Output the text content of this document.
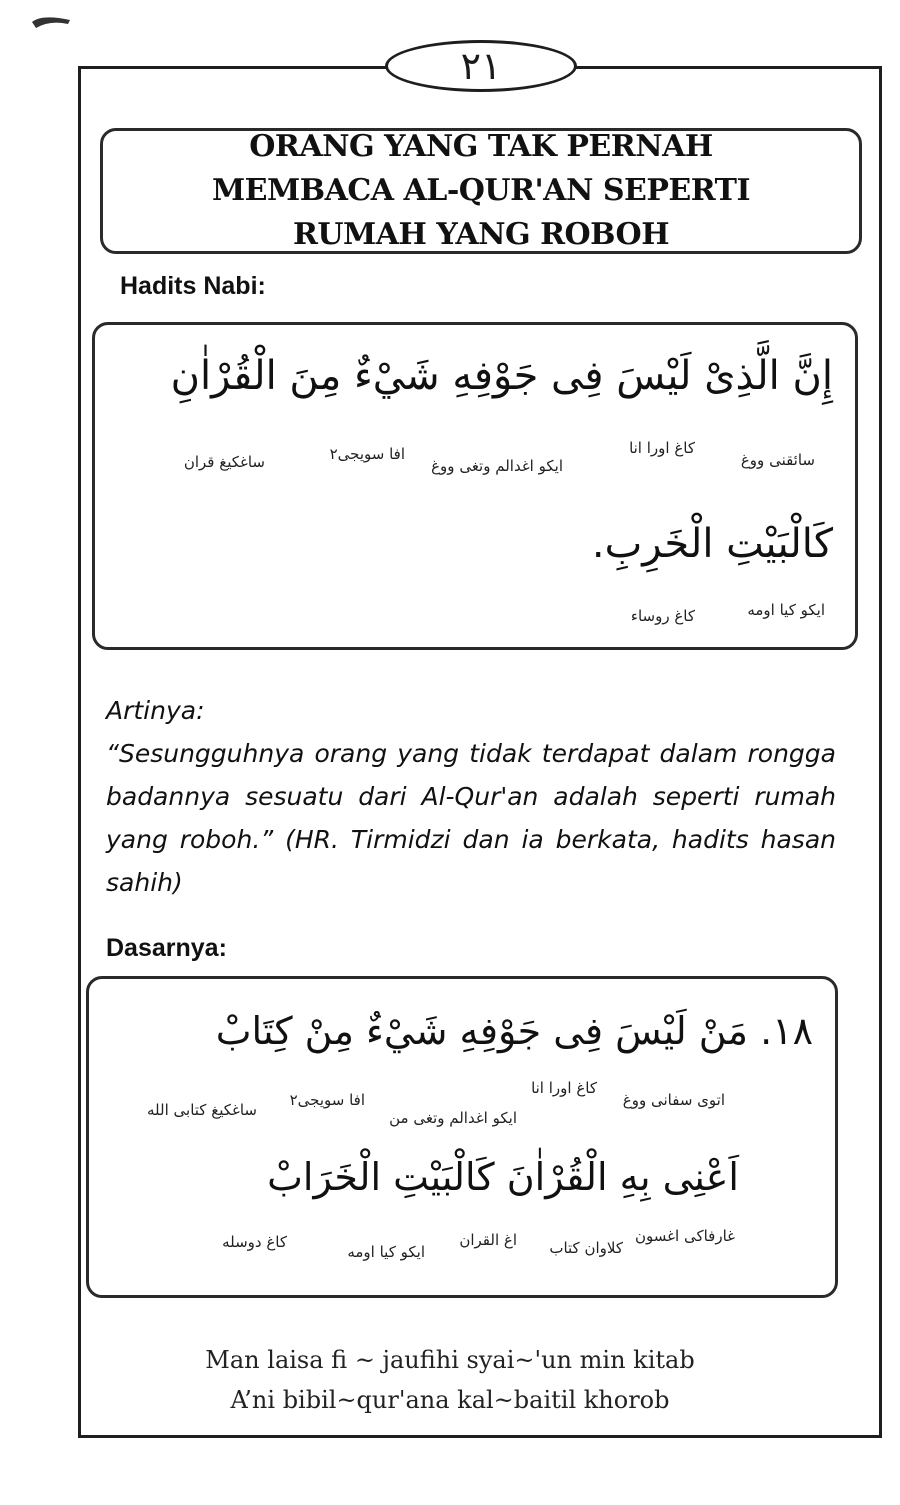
٢١
ORANG YANG TAK PERNAH MEMBACA AL-QUR'AN SEPERTI RUMAH YANG ROBOH
Hadits Nabi:
إِنَّ الَّذِىْ لَيْسَ فِى جَوْفِهِ شَيْءٌ مِنَ الْقُرْاٰنِ
سائقنى ووغ
كاغ اورا انا
ايكو اغدالم وتغى ووغ
افا سويجى٢
ساغكيغ قران
كَالْبَيْتِ الْخَرِبِ.
ايكو كيا اومه
كاغ روساء
Artinya:
“Sesungguhnya orang yang tidak terdapat dalam rongga badannya sesuatu dari Al-Qur'an adalah seperti rumah yang roboh.” (HR. Tirmidzi dan ia berkata, hadits hasan sahih)
Dasarnya:
١٨. مَنْ لَيْسَ فِى جَوْفِهِ شَيْءٌ مِنْ كِتَابْ
اتوى سفانى ووغ
كاغ اورا انا
ايكو اغدالم وتغى من
افا سويجى٢
ساغكيغ كتابى الله
اَعْنِى بِهِ الْقُرْاٰنَ كَالْبَيْتِ الْخَرَابْ
غارفاكى اغسون
كلاوان كتاب
اغ القران
ايكو كيا اومه
كاغ دوسله
Man laisa fi ~ jaufihi syai~'un min kitab
A’ni bibil~qur'ana kal~baitil khorob
